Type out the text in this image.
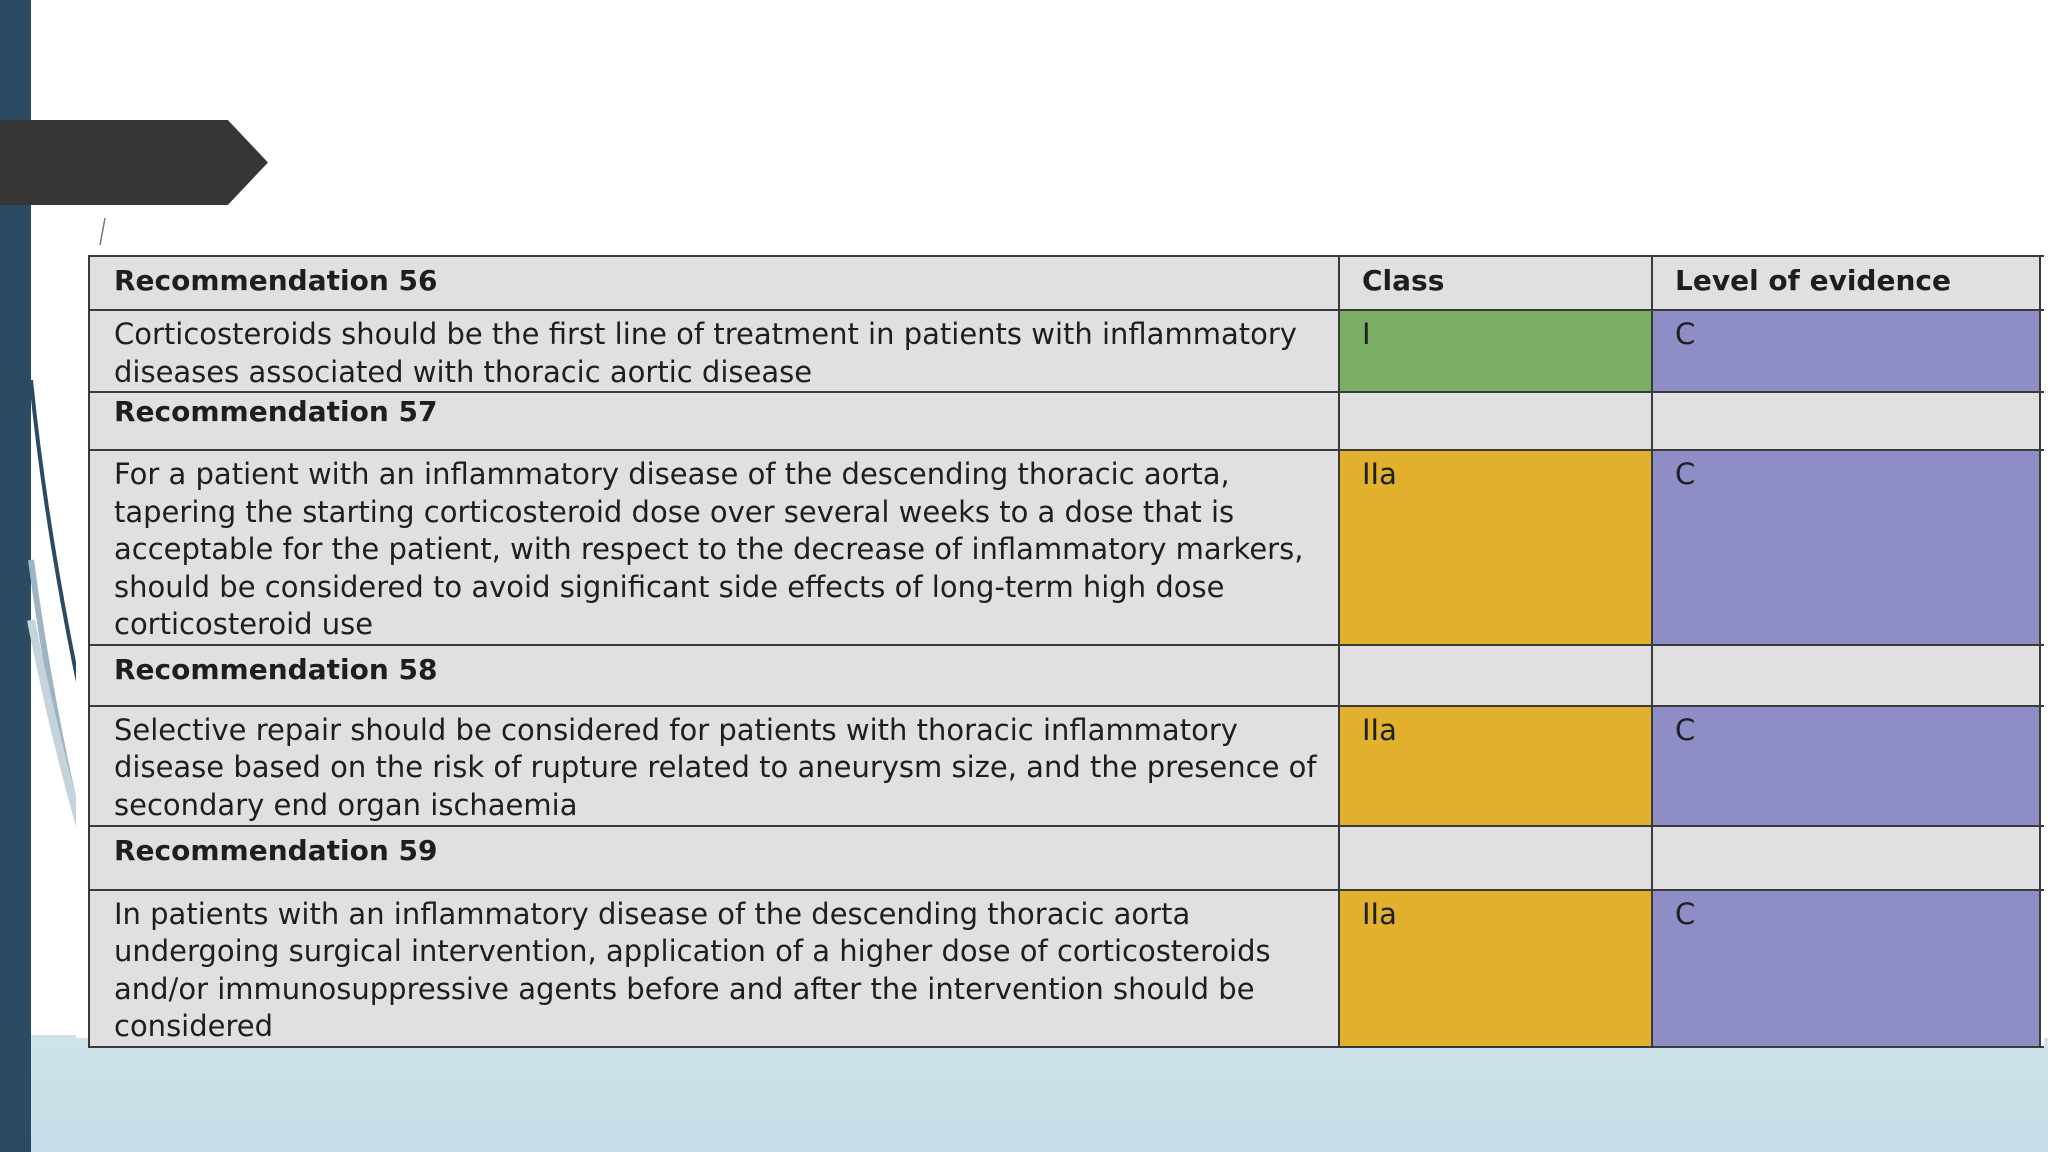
Recommendation 56	Class	Level of evidence	
Corticosteroids should be the first line of treatment in patients with inflammatory diseases associated with thoracic aortic disease	I	C	
Recommendation 57			
For a patient with an inflammatory disease of the descending thoracic aorta, tapering the starting corticosteroid dose over several weeks to a dose that is acceptable for the patient, with respect to the decrease of inflammatory markers, should be considered to avoid significant side effects of long-term high dose corticosteroid use	IIa	C	
Recommendation 58			
Selective repair should be considered for patients with thoracic inflammatory disease based on the risk of rupture related to aneurysm size, and the presence of secondary end organ ischaemia	IIa	C	
Recommendation 59			
In patients with an inflammatory disease of the descending thoracic aorta undergoing surgical intervention, application of a higher dose of corticosteroids and/or immunosuppressive agents before and after the intervention should be considered	IIa	C	
